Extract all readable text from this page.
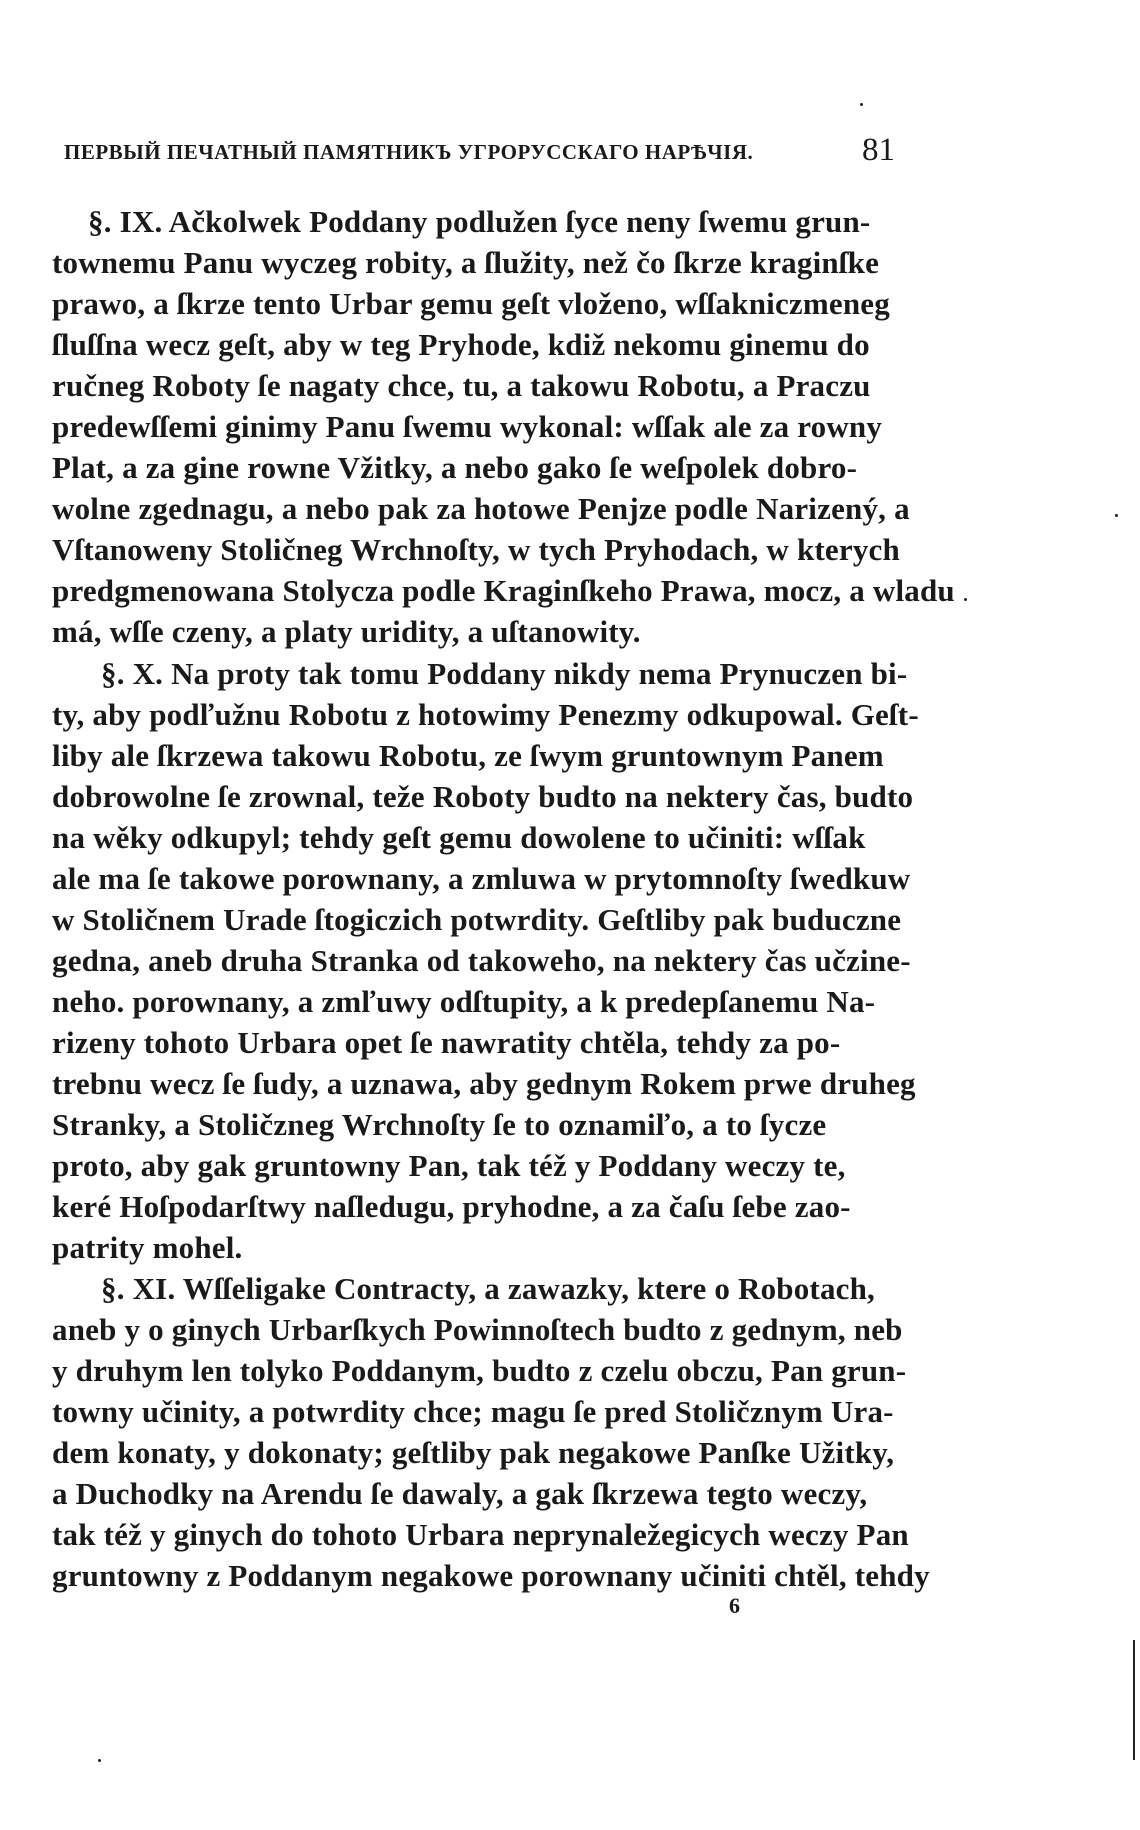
ПЕРВЫЙ ПЕЧАТНЫЙ ПАМЯТНИКЪ УГРОРУССКАГО НАРѢЧІЯ.	81
§. IX. Ačkolwek Poddany podlužen ſyce neny ſwemu grun-
townemu Panu wyczeg robity, a ſlužity, než čo ſkrze kraginſke
prawo, a ſkrze tento Urbar gemu geſt vloženo, wſſakniczmeneg
ſluſſna wecz geſt, aby w teg Pryhode, kdiž nekomu ginemu do
ručneg Roboty ſe nagaty chce, tu, a takowu Robotu, a Praczu
predewſſemi ginimy Panu ſwemu wykonal: wſſak ale za rowny
Plat, a za gine rowne Vžitky, a nebo gako ſe weſpolek dobro-
wolne zgednagu, a nebo pak za hotowe Penjze podle Narizený, a
Vſtanoweny Stoličneg Wrchnoſty, w tych Pryhodach, w kterych
predgmenowana Stolycza podle Kraginſkeho Prawa, mocz, a wladu
má, wſſe czeny, a platy uridity, a uſtanowity.
§. X. Na proty tak tomu Poddany nikdy nema Prynuczen bi-
ty, aby podľužnu Robotu z hotowimy Penezmy odkupowal. Geſt-
liby ale ſkrzewa takowu Robotu, ze ſwym gruntownym Panem
dobrowolne ſe zrownal, teže Roboty budto na nektery čas, budto
na wěky odkupyl; tehdy geſt gemu dowolene to učiniti: wſſak
ale ma ſe takowe porownany, a zmluwa w prytomnoſty ſwedkuw
w Stoličnem Urade ſtogiczich potwrdity. Geſtliby pak buduczne
gedna, aneb druha Stranka od takoweho, na nektery čas učzine-
neho. porownany, a zmľuwy odſtupity, a k predepſanemu Na-
rizeny tohoto Urbara opet ſe nawratity chtěla, tehdy za po-
trebnu wecz ſe ſudy, a uznawa, aby gednym Rokem prwe druheg
Stranky, a Stoličzneg Wrchnoſty ſe to oznamiľo, a to ſycze
proto, aby gak gruntowny Pan, tak též y Poddany weczy te,
keré Hoſpodarſtwy naſledugu, pryhodne, a za čaſu ſebe zao-
patrity mohel.
§. XI. Wſſeligake Contracty, a zawazky, ktere o Robotach,
aneb y o ginych Urbarſkych Powinnoſtech budto z gednym, neb
y druhym len tolyko Poddanym, budto z czelu obczu, Pan grun-
towny učinity, a potwrdity chce; magu ſe pred Stoličznym Ura-
dem konaty, y dokonaty; geſtliby pak negakowe Panſke Užitky,
a Duchodky na Arendu ſe dawaly, a gak ſkrzewa tegto weczy,
tak též y ginych do tohoto Urbara neprynaležegicych weczy Pan
gruntowny z Poddanym negakowe porownany učiniti chtěl, tehdy
6
